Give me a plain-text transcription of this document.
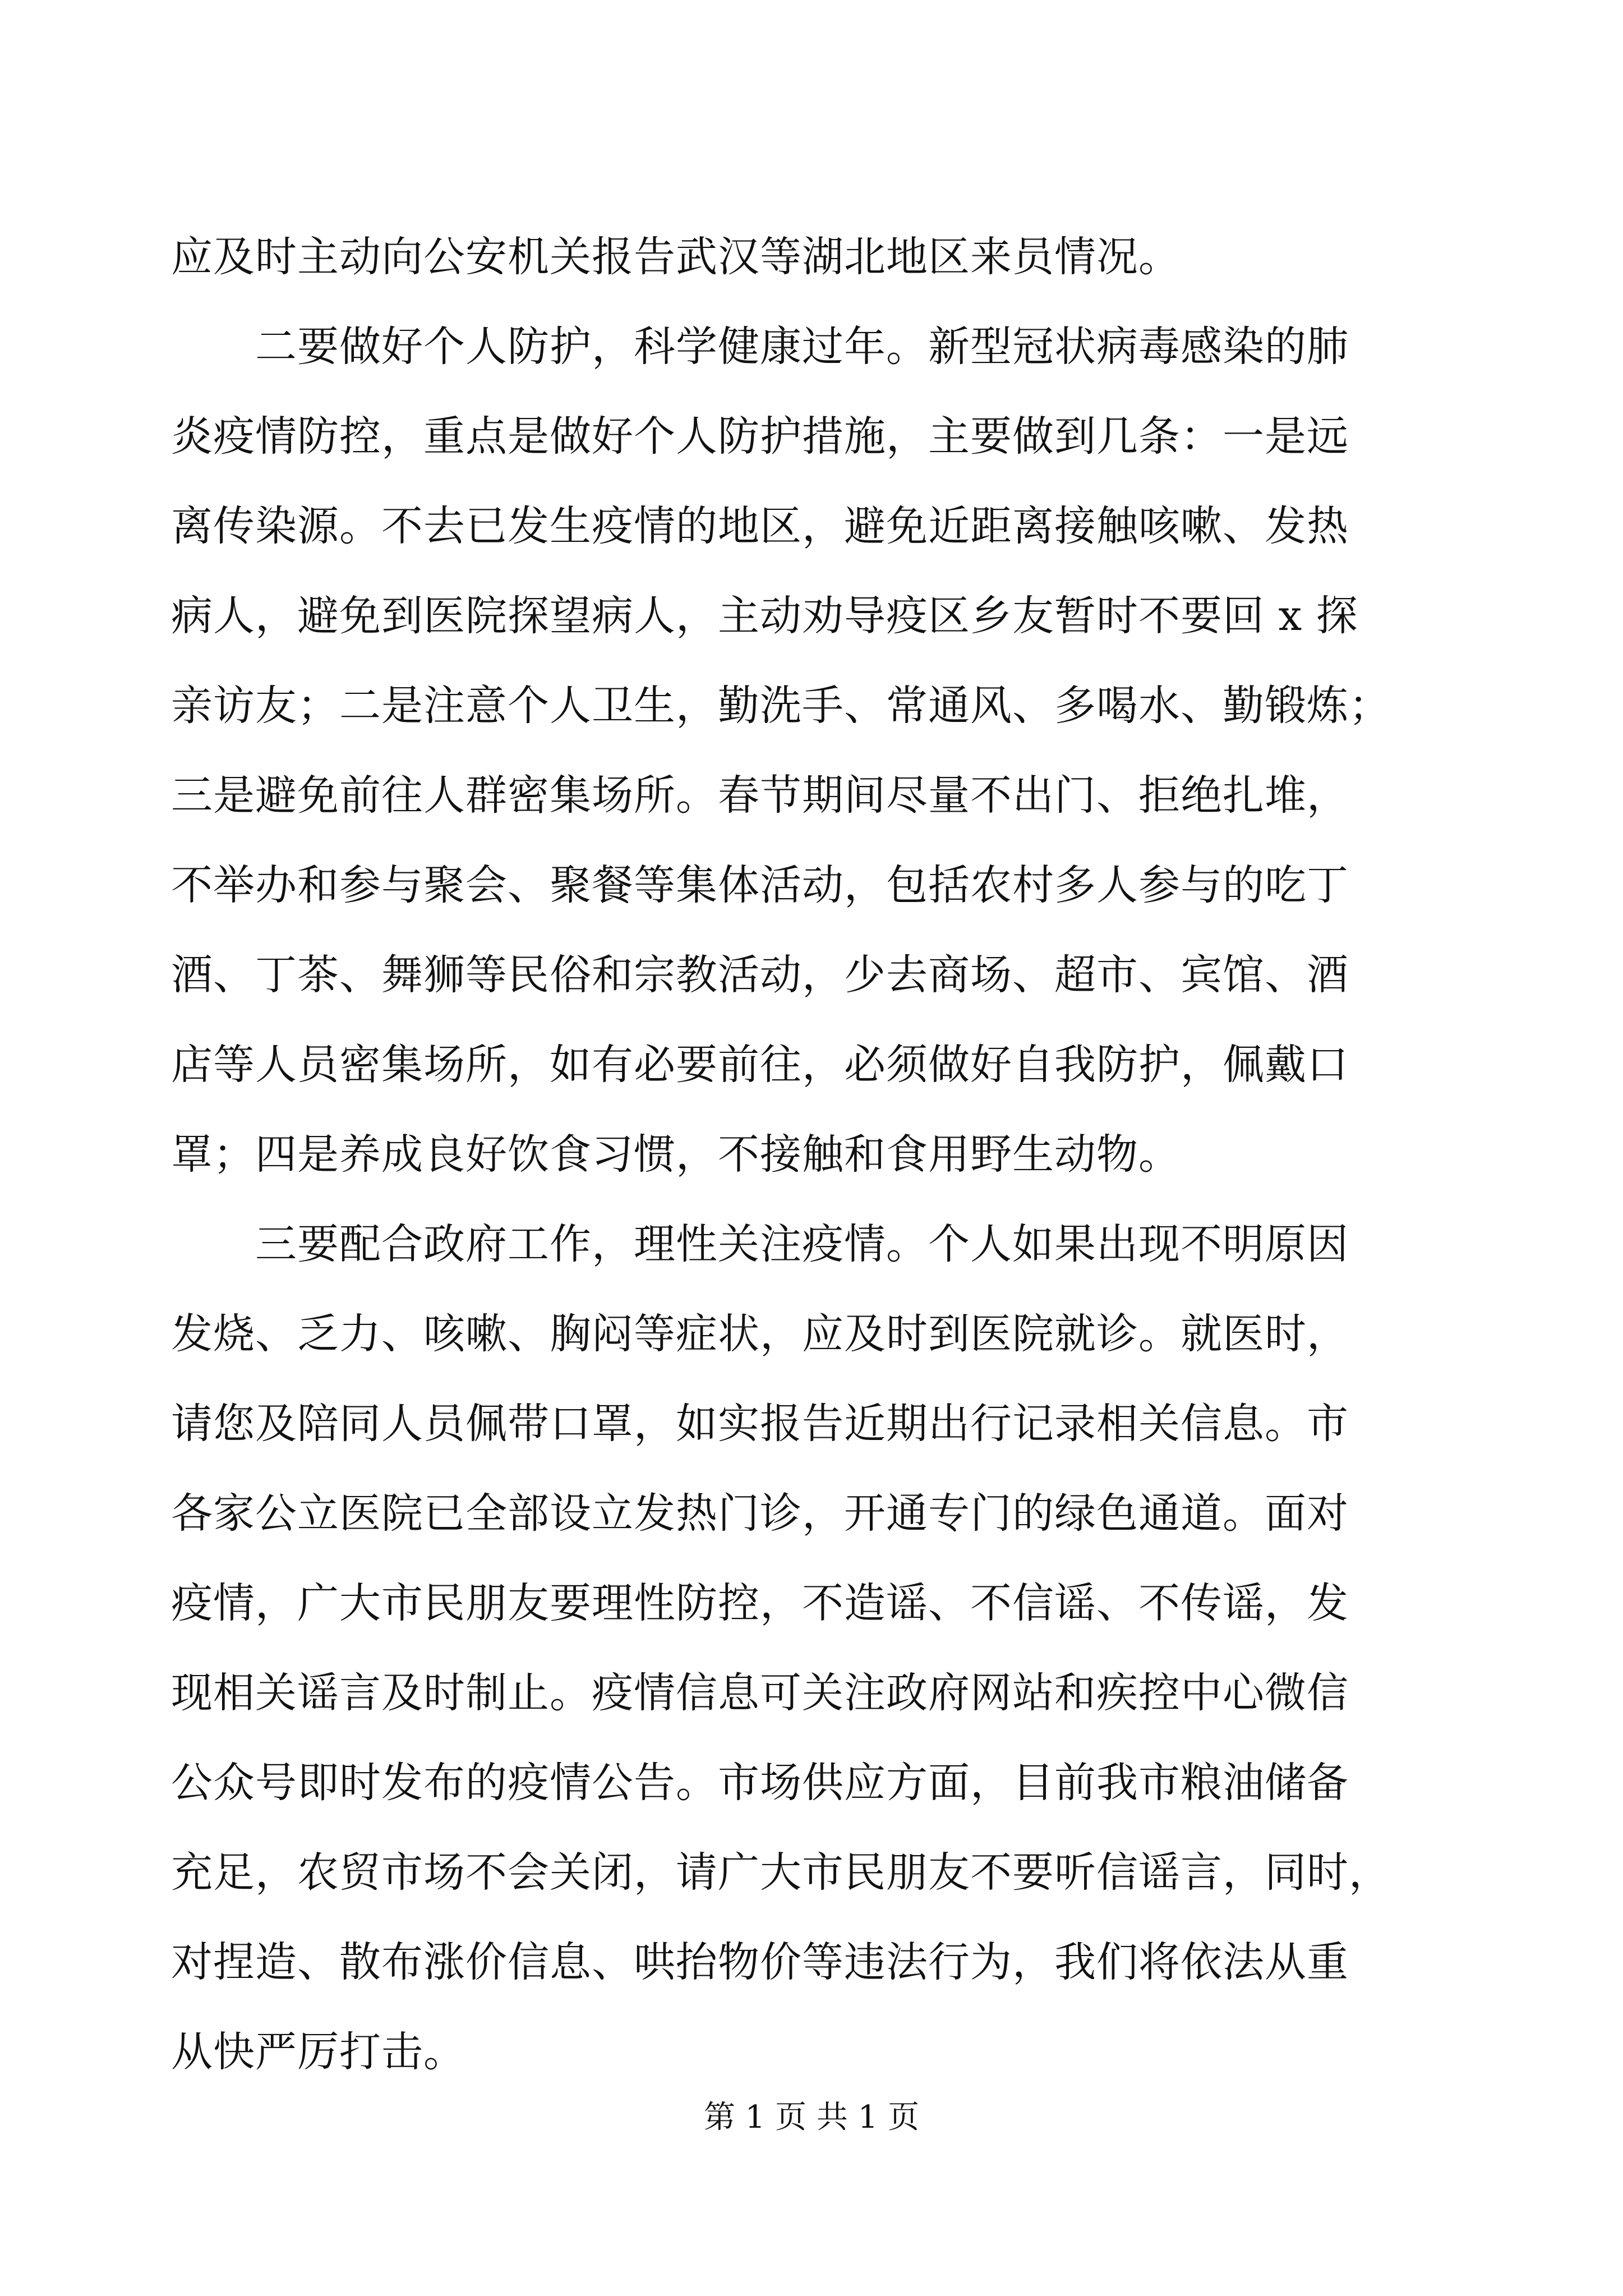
应及时主动向公安机关报告武汉等湖北地区来员情况。
二要做好个人防护，科学健康过年。新型冠状病毒感染的肺
炎疫情防控，重点是做好个人防护措施，主要做到几条：一是远
离传染源。不去已发生疫情的地区，避免近距离接触咳嗽、发热
病人，避免到医院探望病人，主动劝导疫区乡友暂时不要回 x 探
亲访友；二是注意个人卫生，勤洗手、常通风、多喝水、勤锻炼；
三是避免前往人群密集场所。春节期间尽量不出门、拒绝扎堆，
不举办和参与聚会、聚餐等集体活动，包括农村多人参与的吃丁
酒、丁茶、舞狮等民俗和宗教活动，少去商场、超市、宾馆、酒
店等人员密集场所，如有必要前往，必须做好自我防护，佩戴口
罩；四是养成良好饮食习惯，不接触和食用野生动物。
三要配合政府工作，理性关注疫情。个人如果出现不明原因
发烧、乏力、咳嗽、胸闷等症状，应及时到医院就诊。就医时，
请您及陪同人员佩带口罩，如实报告近期出行记录相关信息。市
各家公立医院已全部设立发热门诊，开通专门的绿色通道。面对
疫情，广大市民朋友要理性防控，不造谣、不信谣、不传谣，发
现相关谣言及时制止。疫情信息可关注政府网站和疾控中心微信
公众号即时发布的疫情公告。市场供应方面，目前我市粮油储备
充足，农贸市场不会关闭，请广大市民朋友不要听信谣言，同时，
对捏造、散布涨价信息、哄抬物价等违法行为，我们将依法从重
从快严厉打击。
第 1 页 共 1 页
